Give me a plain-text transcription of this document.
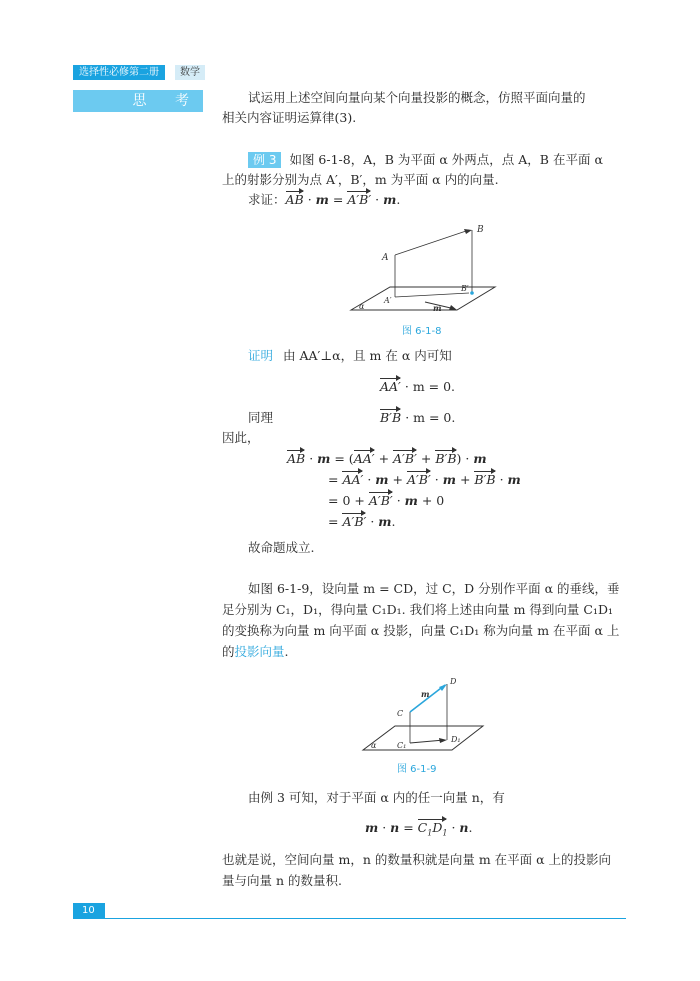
选择性必修第二册	数学
思 考	试运用上述空间向量向某个向量投影的概念，仿照平面向量的
相关内容证明运算律(3).
例 3 如图 6-1-8，A，B 为平面 α 外两点，点 A，B 在平面 α
上的射影分别为点 A′，B′，m 为平面 α 内的向量.
求证：AB · m = A′B′ · m.
A
B
A′
B′
m
α
图 6-1-8
证明 由 AA′⊥α，且 m 在 α 内可知
AA′ · m = 0.
同理	B′B · m = 0.
因此，
AB · m = (AA′ + A′B′ + B′B) · m
= AA′ · m + A′B′ · m + B′B · m
= 0 + A′B′ · m + 0
= A′B′ · m.
故命题成立.
如图 6-1-9，设向量 m = CD，过 C，D 分别作平面 α 的垂线，垂
足分别为 C₁，D₁，得向量 C₁D₁. 我们将上述由向量 m 得到向量 C₁D₁
的变换称为向量 m 向平面 α 投影，向量 C₁D₁ 称为向量 m 在平面 α 上
的投影向量.
m
C
D
C₁
D₁
α
图 6-1-9
由例 3 可知，对于平面 α 内的任一向量 n，有
$m \cdot n = C_1D_1 \cdot n$.
也就是说，空间向量 m，n 的数量积就是向量 m 在平面 α 上的投影向
量与向量 n 的数量积.
10
